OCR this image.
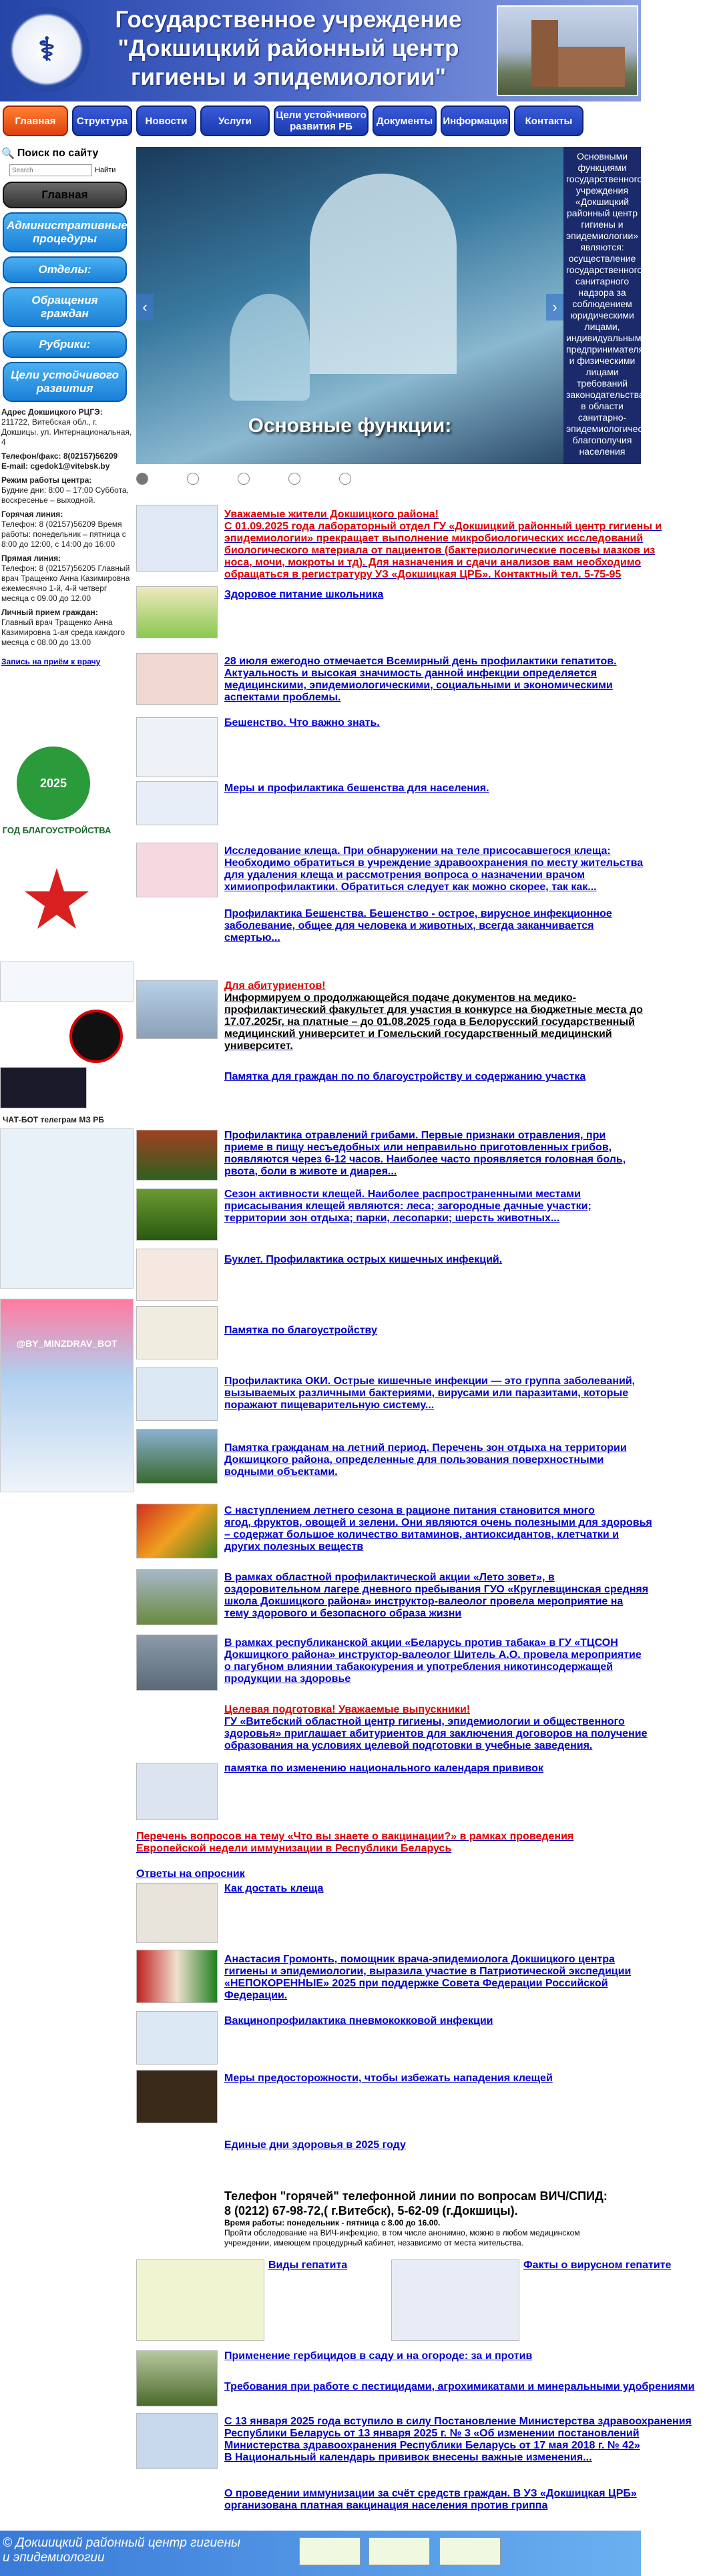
⚕
Государственное учреждение
"Докшицкий районный центр
гигиены и эпидемиологии"
Главная	Структура	Новости	Услуги	Цели устойчивого развития РБ	Документы	Информация	Контакты
🔍 Поиск по сайту
Search
Найти
Главная
Административные процедуры
Отделы:
Обращения граждан
Рубрики:
Цели устойчивого развития
Адрес Докшицкого РЦГЭ:
211722, Витебская обл., г. Докшицы, ул. Интернациональная, 4
Телефон/факс: 8(02157)56209
E-mail: cgedok1@vitebsk.by
Режим работы центра:
Будние дни: 8:00 – 17:00 Суббота, воскресенье – выходной.
Горячая линия:
Телефон: 8 (02157)56209 Время работы: понедельник – пятница с 8:00 до 12:00, с 14:00 до 16:00
Прямая линия:
Телефон: 8 (02157)56205 Главный врач Тращенко Анна Казимировна ежемесячно 1-й, 4-й четверг месяца с 09.00 до 12.00
Личный прием граждан:
Главный врач Тращенко Анна Казимировна 1-ая среда каждого месяца с 08.00 до 13.00
Запись на приём к врачу
2025
ГОД БЛАГОУСТРОЙСТВА
ЧАТ-БОТ телеграм МЗ РБ
@BY_MINZDRAV_BOT
‹	›
Основные функции:
Основными функциями государственного учреждения «Докшицкий районный центр гигиены и эпидемиологии» являются: осуществление государственного санитарного надзора за соблюдением юридическими лицами, индивидуальными предпринимателями и физическими лицами требований законодательства в области санитарно-эпидемиологического благополучия населения
Уважаемые жители Докшицкого района!
С 01.09.2025 года лабораторный отдел ГУ «Докшицкий районный центр гигиены и
эпидемиологии» прекращает выполнение микробиологических исследований
биологического материала от пациентов (бактериологические посевы мазков из
носа, мочи, мокроты и тд). Для назначения и сдачи анализов вам необходимо
обращаться в регистратуру УЗ «Докшицкая ЦРБ». Контактный тел. 5-75-95
Здоровое питание школьника
28 июля ежегодно отмечается Всемирный день профилактики гепатитов.
Актуальность и высокая значимость данной инфекции определяется
медицинскими, эпидемиологическими, социальными и экономическими
аспектами проблемы.
Бешенство. Что важно знать.
Меры и профилактика бешенства для населения.
Исследование клеща. При обнаружении на теле присосавшегося клеща:
Необходимо обратиться в учреждение здравоохранения по месту жительства
для удаления клеща и рассмотрения вопроса о назначении врачом
химиопрофилактики. Обратиться следует как можно скорее, так как...
Профилактика Бешенства. Бешенство - острое, вирусное инфекционное
заболевание, общее для человека и животных, всегда заканчивается
смертью...
Для абитуриентов!
Информируем о продолжающейся подаче документов на медико-
профилактический факультет для участия в конкурсе на бюджетные места до
17.07.2025г, на платные – до 01.08.2025 года в Белорусский государственный
медицинский университет и Гомельский государственный медицинский
университет.
Памятка для граждан по по благоустройству и содержанию участка
Профилактика отравлений грибами. Первые признаки отравления, при
приеме в пищу несъедобных или неправильно приготовленных грибов,
появляются через 6-12 часов. Наиболее часто проявляется головная боль,
рвота, боли в животе и диарея...
Сезон активности клещей. Наиболее распространенными местами
присасывания клещей являются: леса; загородные дачные участки;
территории зон отдыха; парки, лесопарки; шерсть животных...
Буклет. Профилактика острых кишечных инфекций.
Памятка по благоустройству
Профилактика ОКИ. Острые кишечные инфекции — это группа заболеваний,
вызываемых различными бактериями, вирусами или паразитами, которые
поражают пищеварительную систему...
Памятка гражданам на летний период. Перечень зон отдыха на территории
Докшицкого района, определенные для пользования поверхностными
водными объектами.
С наступлением летнего сезона в рационе питания становится много
ягод, фруктов, овощей и зелени. Они являются очень полезными для здоровья
– содержат большое количество витаминов, антиоксидантов, клетчатки и
других полезных веществ
В рамках областной профилактической акции «Лето зовет», в
оздоровительном лагере дневного пребывания ГУО «Круглевщинская средняя
школа Докшицкого района» инструктор-валеолог провела мероприятие на
тему здорового и безопасного образа жизни
В рамках республиканской акции «Беларусь против табака» в ГУ «ТЦСОН
Докшицкого района» инструктор-валеолог Шитель А.О. провела мероприятие
о пагубном влиянии табакокурения и употребления никотинсодержащей
продукции на здоровье
Целевая подготовка! Уважаемые выпускники!
ГУ «Витебский областной центр гигиены, эпидемиологии и общественного
здоровья» приглашает абитуриентов для заключения договоров на получение
образования на условиях целевой подготовки в учебные заведения.
памятка по изменению национального календаря прививок
Перечень вопросов на тему «Что вы знаете о вакцинации?» в рамках проведения
Европейской недели иммунизации в Республики Беларусь
Ответы на опросник
Как достать клеща
Анастасия Громонть, помощник врача-эпидемиолога Докшицкого центра
гигиены и эпидемиологии, выразила участие в Патриотической экспедиции
«НЕПОКОРЕННЫЕ» 2025 при поддержке Совета Федерации Российской
Федерации.
Вакцинопрофилактика пневмококковой инфекции
Меры предосторожности, чтобы избежать нападения клещей
Единые дни здоровья в 2025 году
Телефон "горячей" телефонной линии по вопросам ВИЧ/СПИД:
8 (0212) 67-98-72,( г.Витебск), 5-62-09 (г.Докшицы).
Время работы: понедельник - пятница с 8.00 до 16.00.
Пройти обследование на ВИЧ-инфекцию, в том числе анонимно, можно в любом медицинском
учреждении, имеющем процедурный кабинет, независимо от места жительства.
Виды гепатита	Факты о вирусном гепатите
Применение гербицидов в саду и на огороде: за и против
Требования при работе с пестицидами, агрохимикатами и минеральными удобрениями
С 13 января 2025 года вступило в силу Постановление Министерства здравоохранения
Республики Беларусь от 13 января 2025 г. № 3 «Об изменении постановлений
Министерства здравоохранения Республики Беларусь от 17 мая 2018 г. № 42»
В Национальный календарь прививок внесены важные изменения...
О проведении иммунизации за счёт средств граждан. В УЗ «Докшицкая ЦРБ»
организована платная вакцинация населения против гриппа
© Докшицкий районный центр гигиены
и эпидемиологии
